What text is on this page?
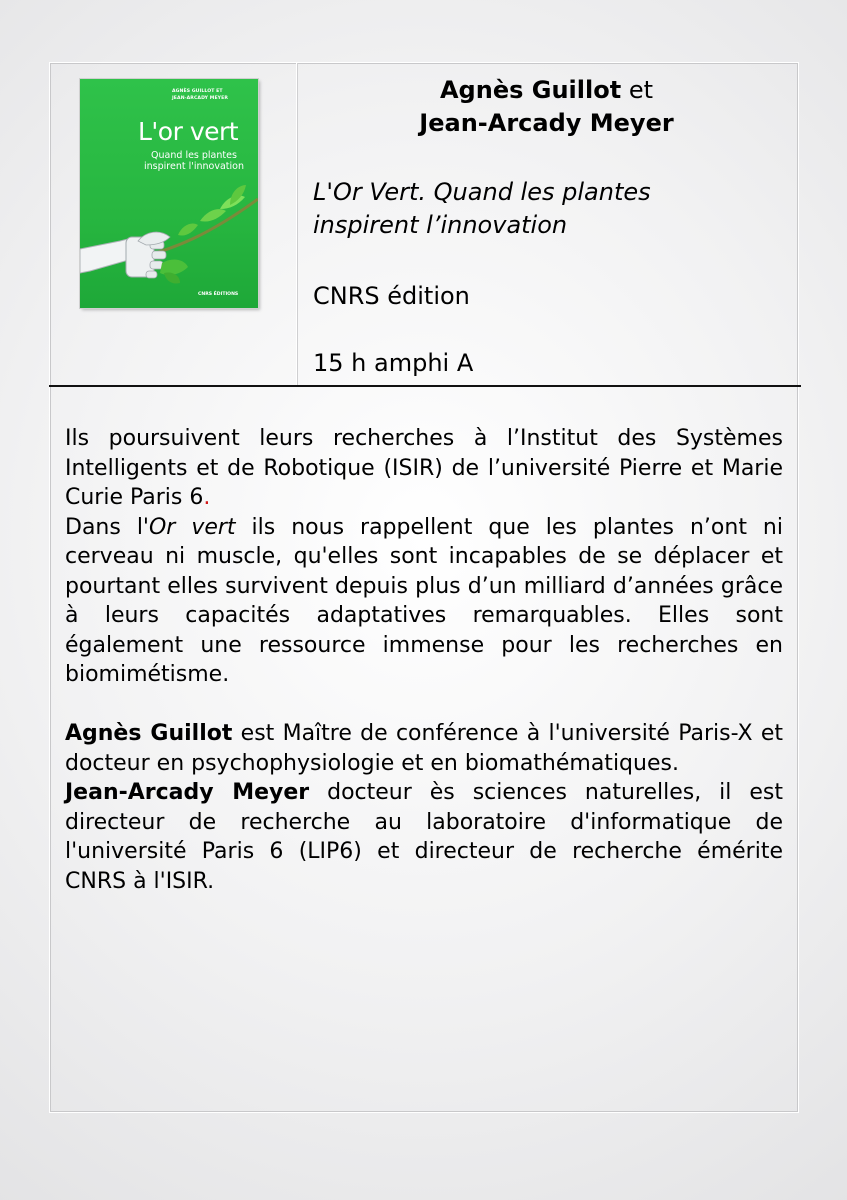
AGNÈS GUILLOT ET
JEAN-ARCADY MEYER
L'or vert
Quand les plantes inspirent l'innovation
CNRS ÉDITIONS
Agnès Guillot et
Jean-Arcady Meyer
L'Or Vert. Quand les plantes
inspirent l’innovation
CNRS édition
15 h amphi A

Ils poursuivent leurs recherches à l’Institut des Systèmes Intelligents et de Robotique (ISIR) de l’université Pierre et Marie Curie Paris 6.

Dans l'Or vert ils nous rappellent que les plantes n’ont ni cerveau ni muscle, qu'elles sont incapables de se déplacer et pourtant elles survivent depuis plus d’un milliard d’années grâce à leurs capacités adaptatives remarquables. Elles sont également une ressource immense pour les recherches en biomimétisme.

Agnès Guillot est Maître de conférence à l'université Paris-X et docteur en psychophysiologie et en biomathématiques.

Jean-Arcady Meyer docteur ès sciences naturelles, il est directeur de recherche au laboratoire d'informatique de l'université Paris 6 (LIP6) et directeur de recherche émérite CNRS à l'ISIR.
